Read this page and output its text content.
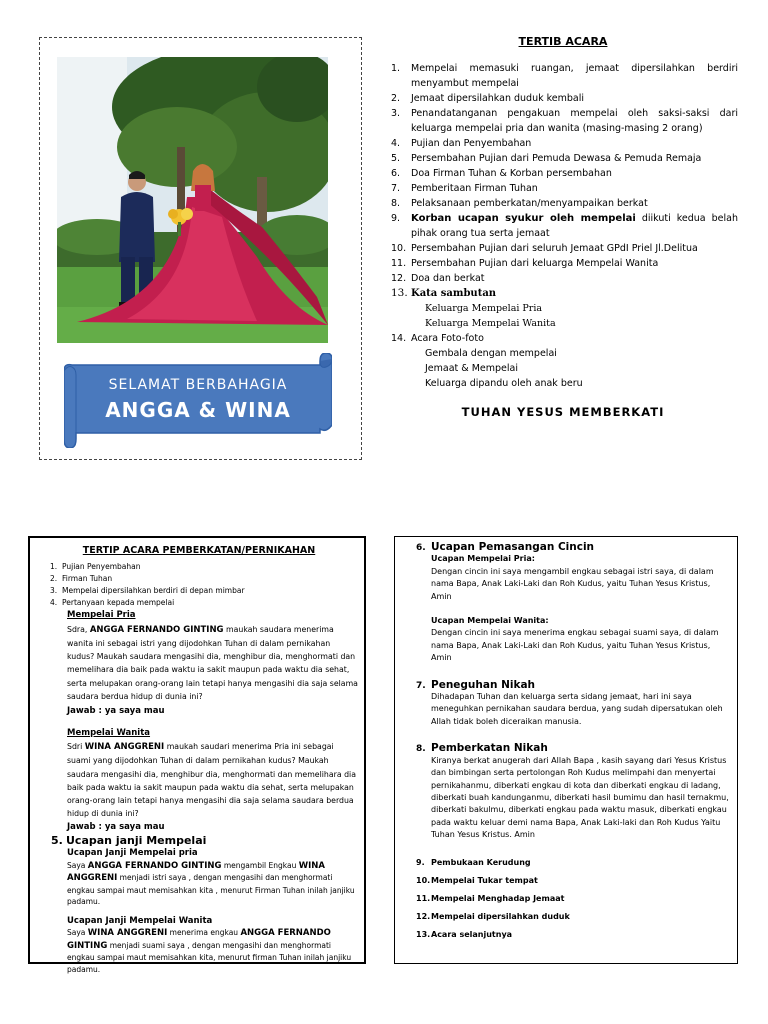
SELAMAT BERBAHAGIA
ANGGA & WINA
TERTIB ACARA
1. Mempelai memasuki ruangan, jemaat dipersilahkan berdiri menyambut mempelai
2. Jemaat dipersilahkan duduk kembali
3. Penandatanganan pengakuan mempelai oleh saksi-saksi dari keluarga mempelai pria dan wanita (masing-masing 2 orang)
4. Pujian dan Penyembahan
5. Persembahan Pujian dari Pemuda Dewasa & Pemuda Remaja
6. Doa Firman Tuhan & Korban persembahan
7. Pemberitaan Firman Tuhan
8. Pelaksanaan pemberkatan/menyampaikan berkat
9. Korban ucapan syukur oleh mempelai diikuti kedua belah pihak orang tua serta jemaat
10. Persembahan Pujian dari seluruh Jemaat GPdI Priel Jl.Delitua
11. Persembahan Pujian dari keluarga Mempelai Wanita
12. Doa dan berkat
13. Kata sambutan
Keluarga Mempelai Pria
Keluarga Mempelai Wanita
14. Acara Foto-foto
Gembala dengan mempelai
Jemaat & Mempelai
Keluarga dipandu oleh anak beru
TUHAN YESUS MEMBERKATI
TERTIP ACARA PEMBERKATAN/PERNIKAHAN
1. Pujian Penyembahan
2. Firman Tuhan
3. Mempelai dipersilahkan berdiri di depan mimbar
4. Pertanyaan kepada mempelai
Mempelai Pria
Sdra, ANGGA FERNANDO GINTING maukah saudara menerima wanita ini sebagai istri yang dijodohkan Tuhan di dalam pernikahan kudus? Maukah saudara mengasihi dia, menghibur dia, menghormati dan memelihara dia baik pada waktu ia sakit maupun pada waktu dia sehat, serta melupakan orang-orang lain tetapi hanya mengasihi dia saja selama saudara berdua hidup di dunia ini?
Jawab : ya saya mau
Mempelai Wanita
Sdri WINA ANGGRENI maukah saudari menerima Pria ini sebagai suami yang dijodohkan Tuhan di dalam pernikahan kudus? Maukah saudara mengasihi dia, menghibur dia, menghormati dan memelihara dia baik pada waktu ia sakit maupun pada waktu dia sehat, serta melupakan orang-orang lain tetapi hanya mengasihi dia saja selama saudara berdua hidup di dunia ini?
Jawab : ya saya mau
5. Ucapan janji Mempelai
Ucapan Janji Mempelai pria
Saya ANGGA FERNANDO GINTING mengambil Engkau WINA ANGGRENI menjadi istri saya , dengan mengasihi dan menghormati engkau sampai maut memisahkan kita , menurut Firman Tuhan inilah janjiku padamu.
Ucapan Janji Mempelai Wanita
Saya WINA ANGGRENI menerima engkau ANGGA FERNANDO GINTING menjadi suami saya , dengan mengasihi dan menghormati engkau sampai maut memisahkan kita, menurut firman Tuhan inilah janjiku padamu.
6. Ucapan Pemasangan Cincin
Ucapan Mempelai Pria:
Dengan cincin ini saya mengambil engkau sebagai istri saya, di dalam nama Bapa, Anak Laki-Laki dan Roh Kudus, yaitu Tuhan Yesus Kristus, Amin
Ucapan Mempelai Wanita:
Dengan cincin ini saya menerima engkau sebagai suami saya, di dalam nama Bapa, Anak Laki-Laki dan Roh Kudus, yaitu Tuhan Yesus Kristus, Amin
7. Peneguhan Nikah
Dihadapan Tuhan dan keluarga serta sidang jemaat, hari ini saya meneguhkan pernikahan saudara berdua, yang sudah dipersatukan oleh Allah tidak boleh diceraikan manusia.
8. Pemberkatan Nikah
Kiranya berkat anugerah dari Allah Bapa , kasih sayang dari Yesus Kristus dan bimbingan serta pertolongan Roh Kudus melimpahi dan menyertai pernikahanmu, diberkati engkau di kota dan diberkati engkau di ladang, diberkati buah kandunganmu, diberkati hasil bumimu dan hasil ternakmu, diberkati bakulmu, diberkati engkau pada waktu masuk, diberkati engkau pada waktu keluar demi nama Bapa, Anak Laki-laki dan Roh Kudus Yaitu Tuhan Yesus Kristus. Amin
9. Pembukaan Kerudung
10. Mempelai Tukar tempat
11. Mempelai Menghadap Jemaat
12. Mempelai dipersilahkan duduk
13. Acara selanjutnya
